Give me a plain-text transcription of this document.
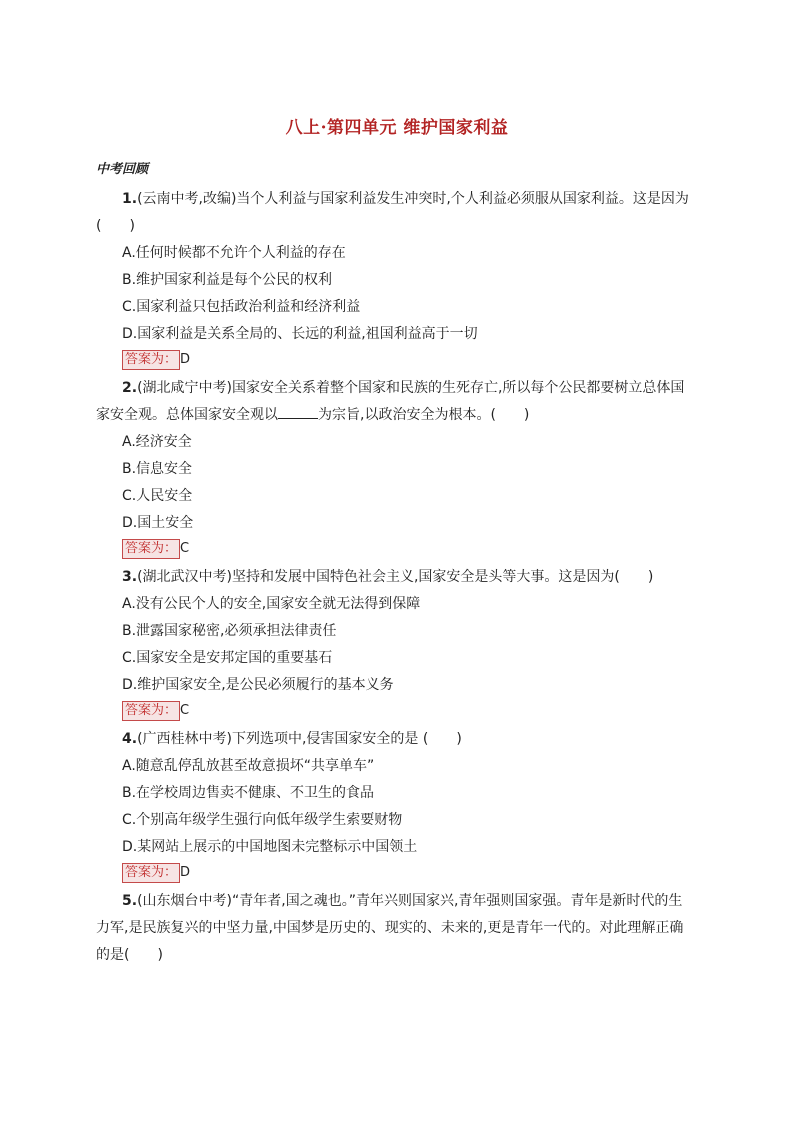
八上·第四单元 维护国家利益
中考回顾

1.(云南中考,改编)当个人利益与国家利益发生冲突时,个人利益必须服从国家利益。这是因为(　　)

A.任何时候都不允许个人利益的存在

B.维护国家利益是每个公民的权利

C.国家利益只包括政治利益和经济利益

D.国家利益是关系全局的、长远的利益,祖国利益高于一切

答案为： D

2.(湖北咸宁中考)国家安全关系着整个国家和民族的生死存亡,所以每个公民都要树立总体国家安全观。总体国家安全观以	为宗旨,以政治安全为根本。(　　)

A.经济安全

B.信息安全

C.人民安全

D.国土安全

答案为： C

3.(湖北武汉中考)坚持和发展中国特色社会主义,国家安全是头等大事。这是因为(　　)

A.没有公民个人的安全,国家安全就无法得到保障

B.泄露国家秘密,必须承担法律责任

C.国家安全是安邦定国的重要基石

D.维护国家安全,是公民必须履行的基本义务

答案为： C

4.(广西桂林中考)下列选项中,侵害国家安全的是 (　　)

A.随意乱停乱放甚至故意损坏“共享单车”

B.在学校周边售卖不健康、不卫生的食品

C.个别高年级学生强行向低年级学生索要财物

D.某网站上展示的中国地图未完整标示中国领土

答案为： D

5.(山东烟台中考)“青年者,国之魂也。”青年兴则国家兴,青年强则国家强。青年是新时代的生力军,是民族复兴的中坚力量,中国梦是历史的、现实的、未来的,更是青年一代的。对此理解正确的是(　　)
